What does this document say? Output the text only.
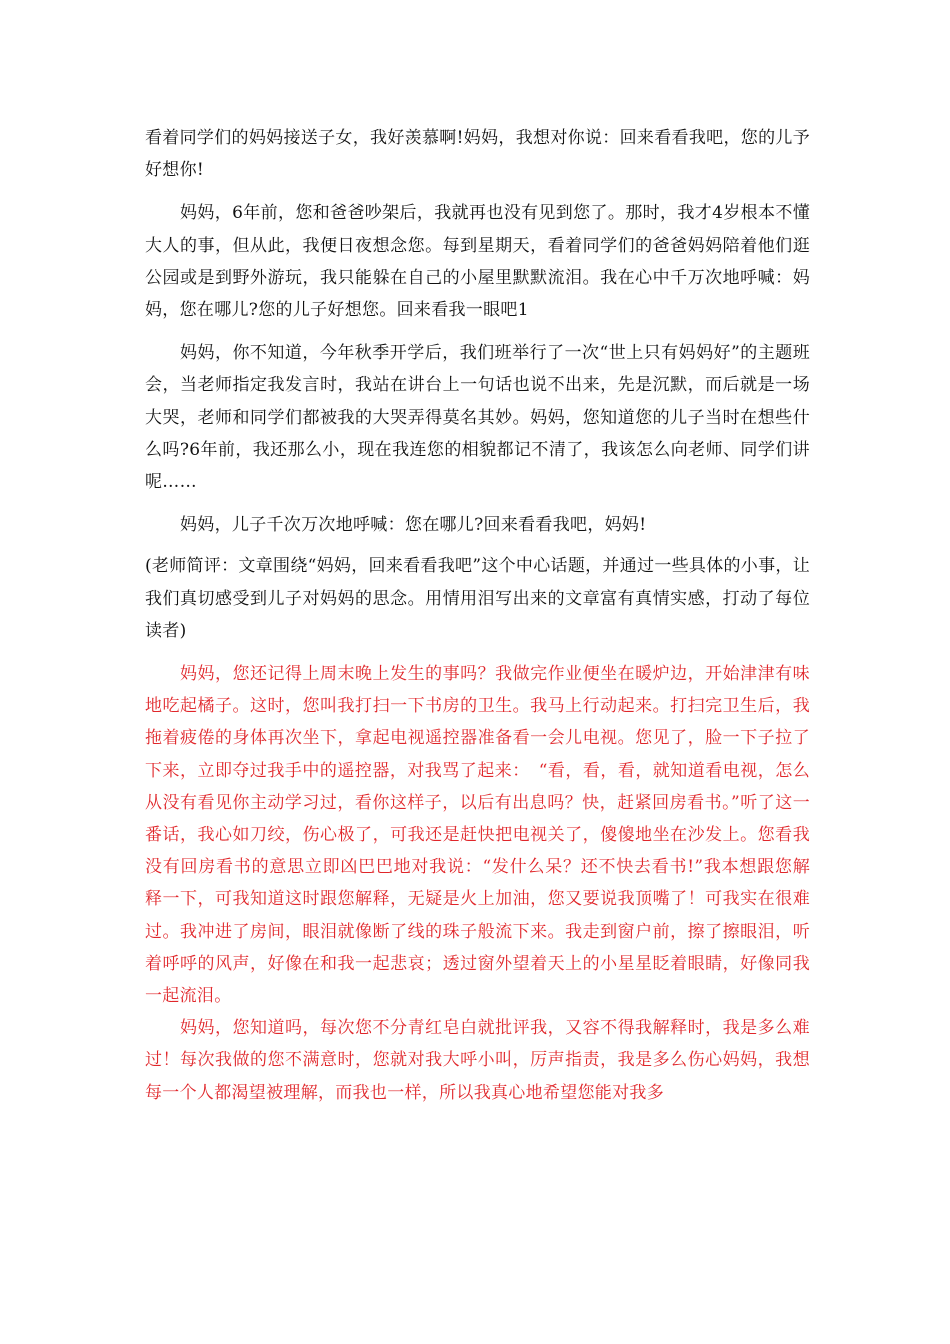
看着同学们的妈妈接送子女，我好羡慕啊!妈妈，我想对你说：回来看看我吧，您的儿予好想你!

妈妈，6年前，您和爸爸吵架后，我就再也没有见到您了。那时，我才4岁根本不懂大人的事，但从此，我便日夜想念您。每到星期天，看着同学们的爸爸妈妈陪着他们逛公园或是到野外游玩，我只能躲在自己的小屋里默默流泪。我在心中千万次地呼喊：妈妈，您在哪儿?您的儿子好想您。回来看我一眼吧1

妈妈，你不知道，今年秋季开学后，我们班举行了一次“世上只有妈妈好”的主题班会，当老师指定我发言时，我站在讲台上一句话也说不出来，先是沉默，而后就是一场大哭，老师和同学们都被我的大哭弄得莫名其妙。妈妈，您知道您的儿子当时在想些什么吗?6年前，我还那么小，现在我连您的相貌都记不清了，我该怎么向老师、同学们讲呢……

妈妈，儿子千次万次地呼喊：您在哪儿?回来看看我吧，妈妈!

(老师简评：文章围绕“妈妈，回来看看我吧”这个中心话题，并通过一些具体的小事，让我们真切感受到儿子对妈妈的思念。用情用泪写出来的文章富有真情实感，打动了每位读者)

妈妈，您还记得上周末晚上发生的事吗？我做完作业便坐在暖炉边，开始津津有味地吃起橘子。这时，您叫我打扫一下书房的卫生。我马上行动起来。打扫完卫生后，我拖着疲倦的身体再次坐下，拿起电视遥控器准备看一会儿电视。您见了，脸一下子拉了下来，立即夺过我手中的遥控器，对我骂了起来：　“看，看，看，就知道看电视，怎么从没有看见你主动学习过，看你这样子，以后有出息吗？快，赶紧回房看书。”听了这一番话，我心如刀绞，伤心极了，可我还是赶快把电视关了，傻傻地坐在沙发上。您看我没有回房看书的意思立即凶巴巴地对我说：“发什么呆？还不快去看书!”我本想跟您解释一下，可我知道这时跟您解释，无疑是火上加油，您又要说我顶嘴了！可我实在很难过。我冲进了房间，眼泪就像断了线的珠子般流下来。我走到窗户前，擦了擦眼泪，听着呼呼的风声，好像在和我一起悲哀；透过窗外望着天上的小星星眨着眼睛，好像同我一起流泪。

妈妈，您知道吗，每次您不分青红皂白就批评我，又容不得我解释时，我是多么难过！每次我做的您不满意时，您就对我大呼小叫，厉声指责，我是多么伤心妈妈，我想每一个人都渴望被理解，而我也一样，所以我真心地希望您能对我多
